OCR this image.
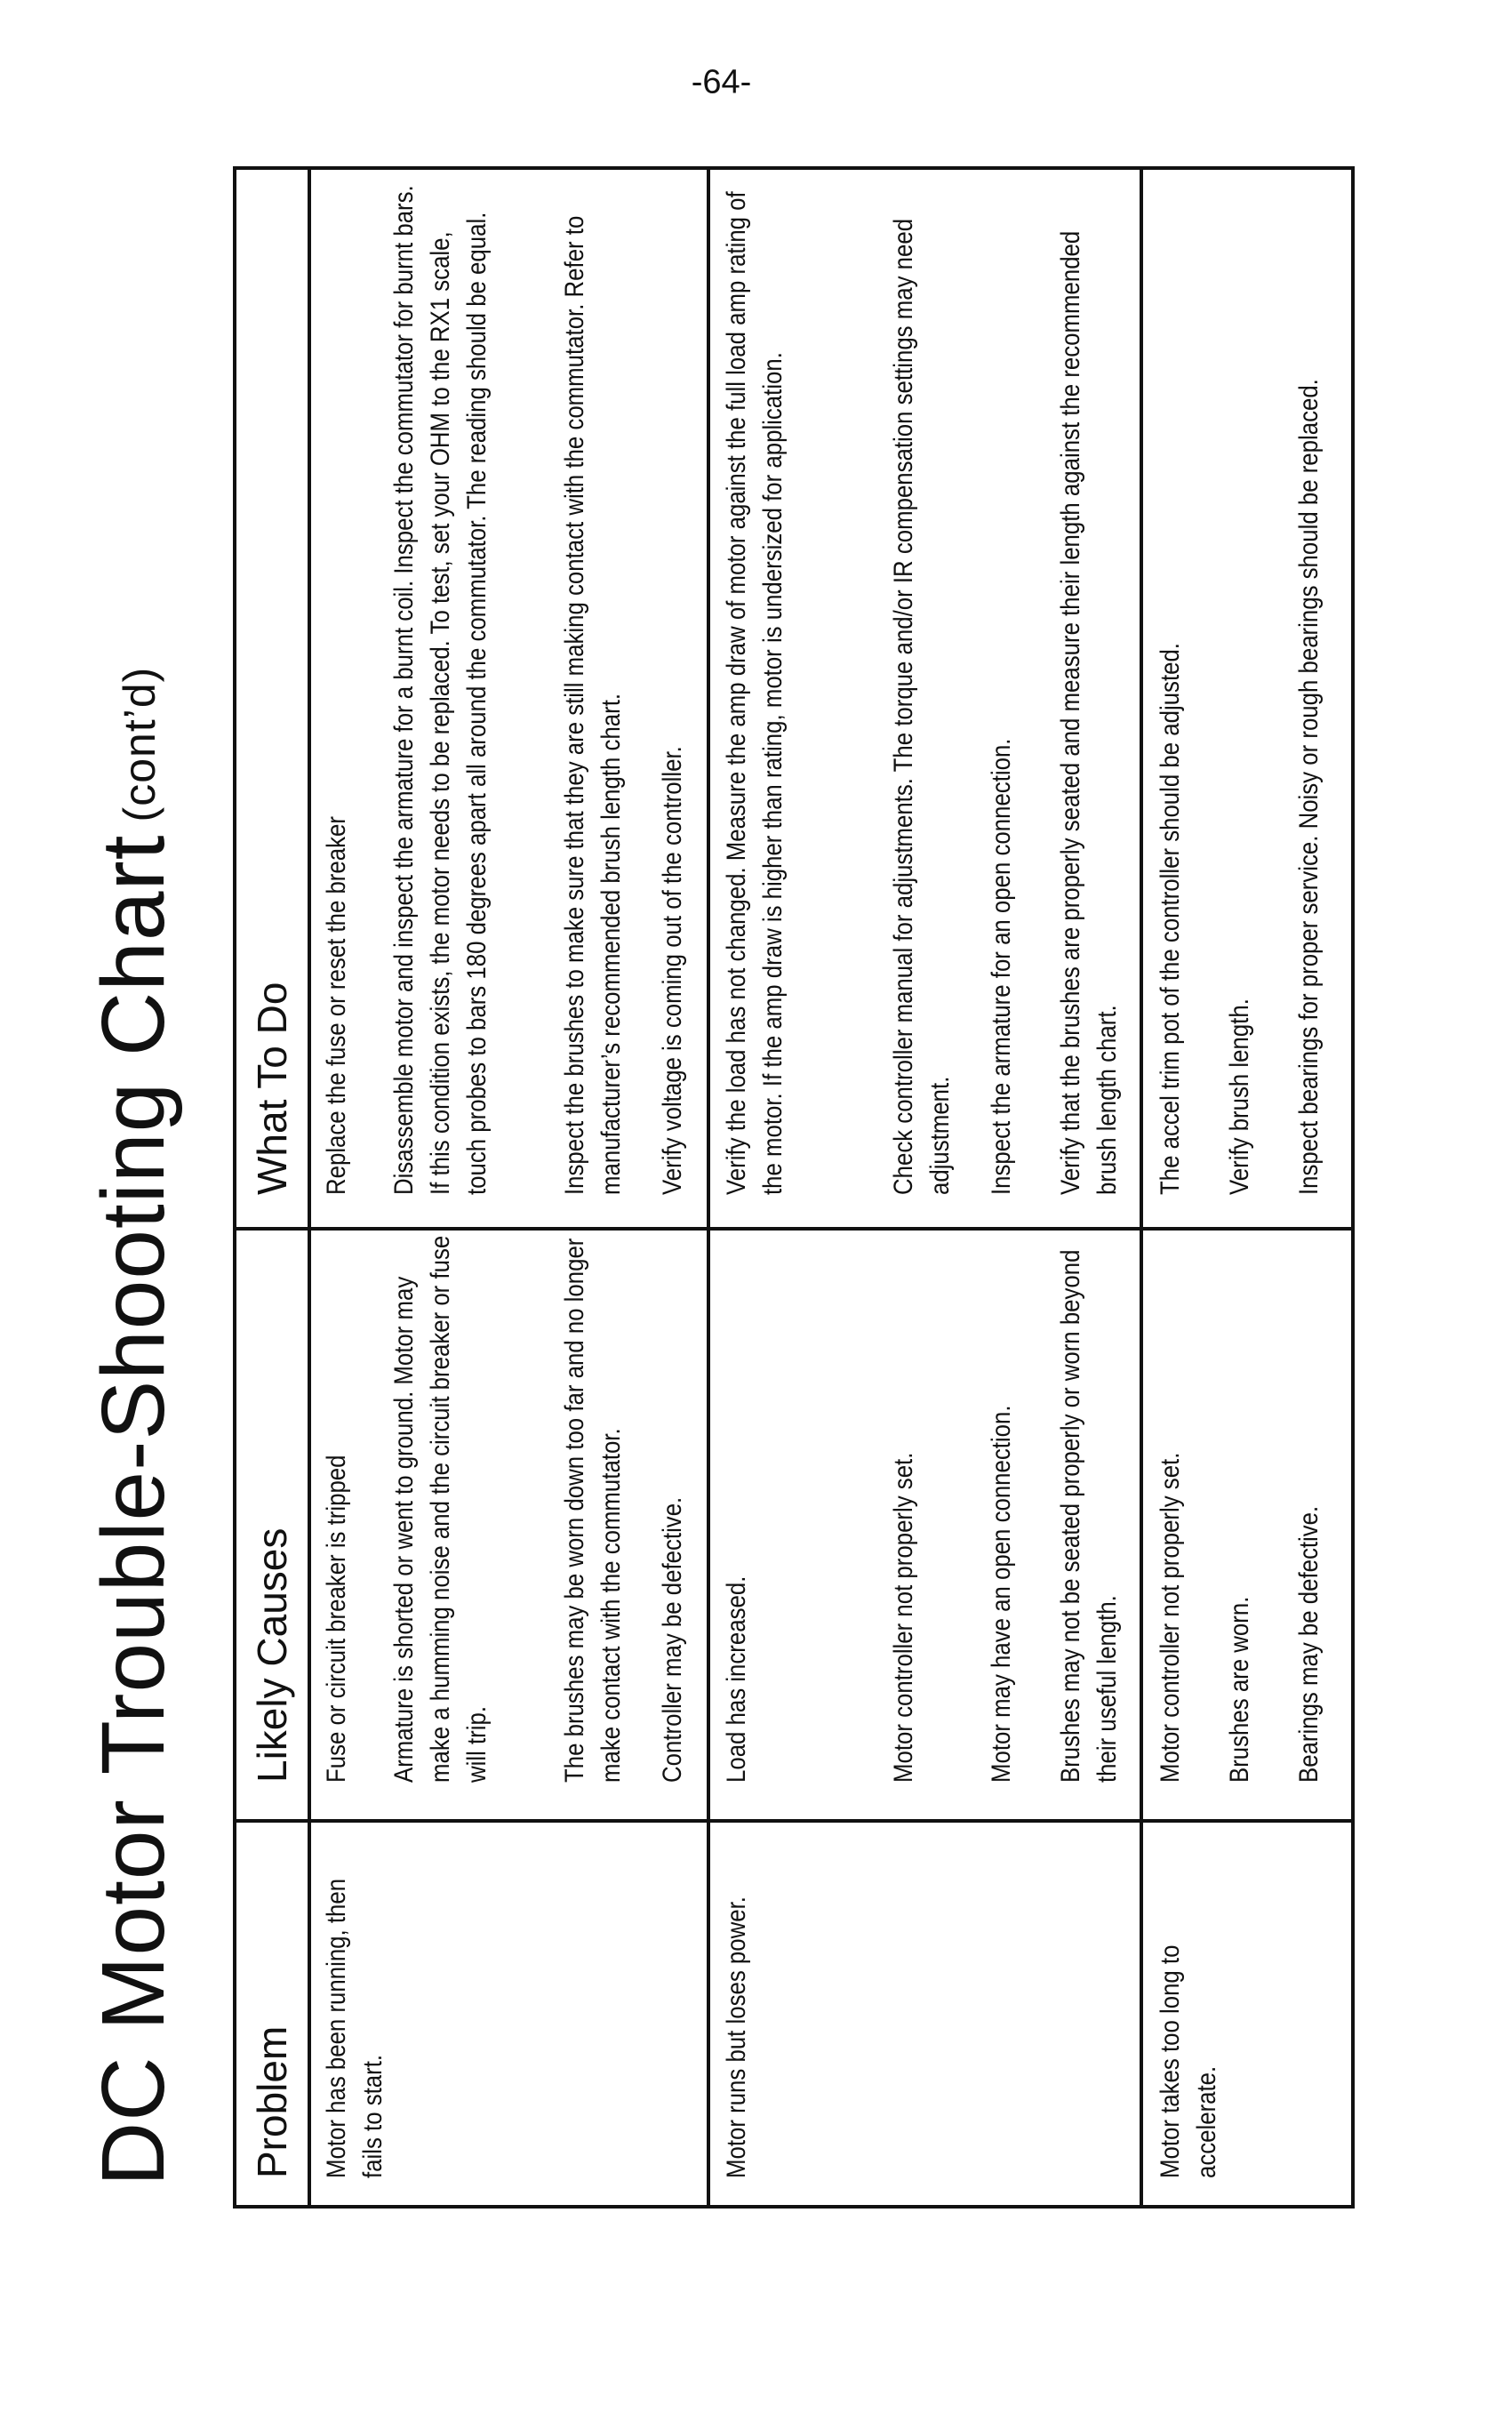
DC Motor Trouble-Shooting Chart$^{(cont’d)}$
Problem
Likely Causes
What To Do

Motor has been running, then fails to start.

Fuse or circuit breaker is tripped

Replace the fuse or reset the breaker

Armature is shorted or went to ground. Motor may make a humming noise and the circuit breaker or fuse will trip.

Disassemble motor and inspect the armature for a burnt coil. Inspect the commutator for burnt bars. If this condition exists, the motor needs to be replaced. To test, set your OHM to the RX1 scale, touch probes to bars 180 degrees apart all around the commutator. The reading should be equal.

The brushes may be worn down too far and no longer make contact with the commutator.

Inspect the brushes to make sure that they are still making contact with the commutator. Refer to manufacturer’s recommended brush length chart.

Controller may be defective.

Verify voltage is coming out of the controller.

Motor runs but loses power.

Load has increased.

Verify the load has not changed. Measure the amp draw of motor against the full load amp rating of the motor. If the amp draw is higher than rating, motor is undersized for application.

Motor controller not properly set.

Check controller manual for adjustments. The torque and/or IR compensation settings may need adjustment.

Motor may have an open connection.

Inspect the armature for an open connection.

Brushes may not be seated properly or worn beyond their useful length.

Verify that the brushes are properly seated and measure their length against the recommended brush length chart.

Motor takes too long to accelerate.

Motor controller not properly set.

The accel trim pot of the controller should be adjusted.

Brushes are worn.

Verify brush length.

Bearings may be defective.

Inspect bearings for proper service. Noisy or rough bearings should be replaced.

-64-
